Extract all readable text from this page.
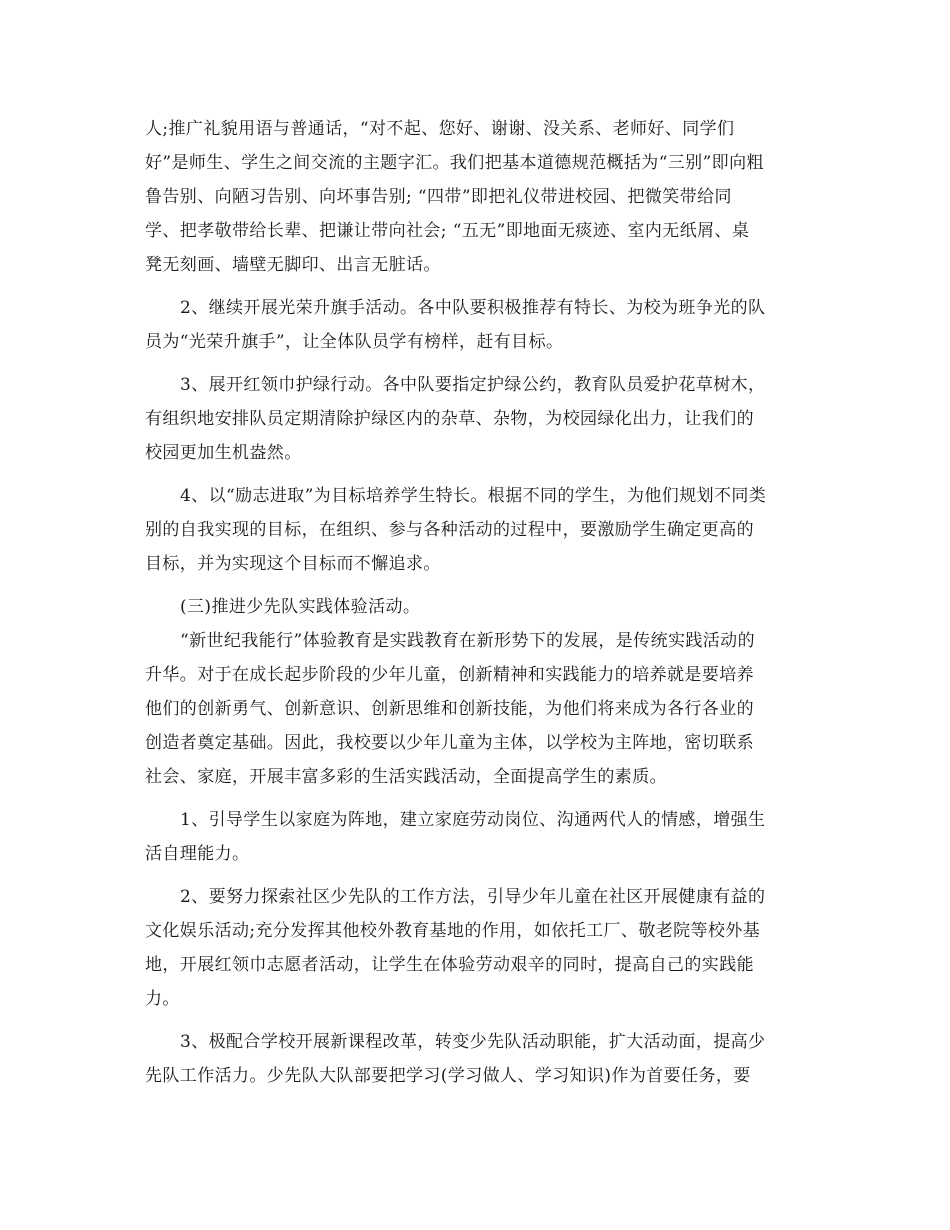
人;推广礼貌用语与普通话，“对不起、您好、谢谢、没关系、老师好、同学们
好”是师生、学生之间交流的主题字汇。我们把基本道德规范概括为“三别”即向粗
鲁告别、向陋习告别、向坏事告别; “四带”即把礼仪带进校园、把微笑带给同
学、把孝敬带给长辈、把谦让带向社会; “五无”即地面无痰迹、室内无纸屑、桌
凳无刻画、墙壁无脚印、出言无脏话。
2、继续开展光荣升旗手活动。各中队要积极推荐有特长、为校为班争光的队
员为“光荣升旗手”，让全体队员学有榜样，赶有目标。
3、展开红领巾护绿行动。各中队要指定护绿公约，教育队员爱护花草树木，
有组织地安排队员定期清除护绿区内的杂草、杂物，为校园绿化出力，让我们的
校园更加生机盎然。
4、以“励志进取”为目标培养学生特长。根据不同的学生，为他们规划不同类
别的自我实现的目标，在组织、参与各种活动的过程中，要激励学生确定更高的
目标，并为实现这个目标而不懈追求。
(三)推进少先队实践体验活动。
“新世纪我能行”体验教育是实践教育在新形势下的发展，是传统实践活动的
升华。对于在成长起步阶段的少年儿童，创新精神和实践能力的培养就是要培养
他们的创新勇气、创新意识、创新思维和创新技能，为他们将来成为各行各业的
创造者奠定基础。因此，我校要以少年儿童为主体，以学校为主阵地，密切联系
社会、家庭，开展丰富多彩的生活实践活动，全面提高学生的素质。
1、引导学生以家庭为阵地，建立家庭劳动岗位、沟通两代人的情感，增强生
活自理能力。
2、要努力探索社区少先队的工作方法，引导少年儿童在社区开展健康有益的
文化娱乐活动;充分发挥其他校外教育基地的作用，如依托工厂、敬老院等校外基
地，开展红领巾志愿者活动，让学生在体验劳动艰辛的同时，提高自己的实践能
力。
3、极配合学校开展新课程改革，转变少先队活动职能，扩大活动面，提高少
先队工作活力。少先队大队部要把学习(学习做人、学习知识)作为首要任务，要
